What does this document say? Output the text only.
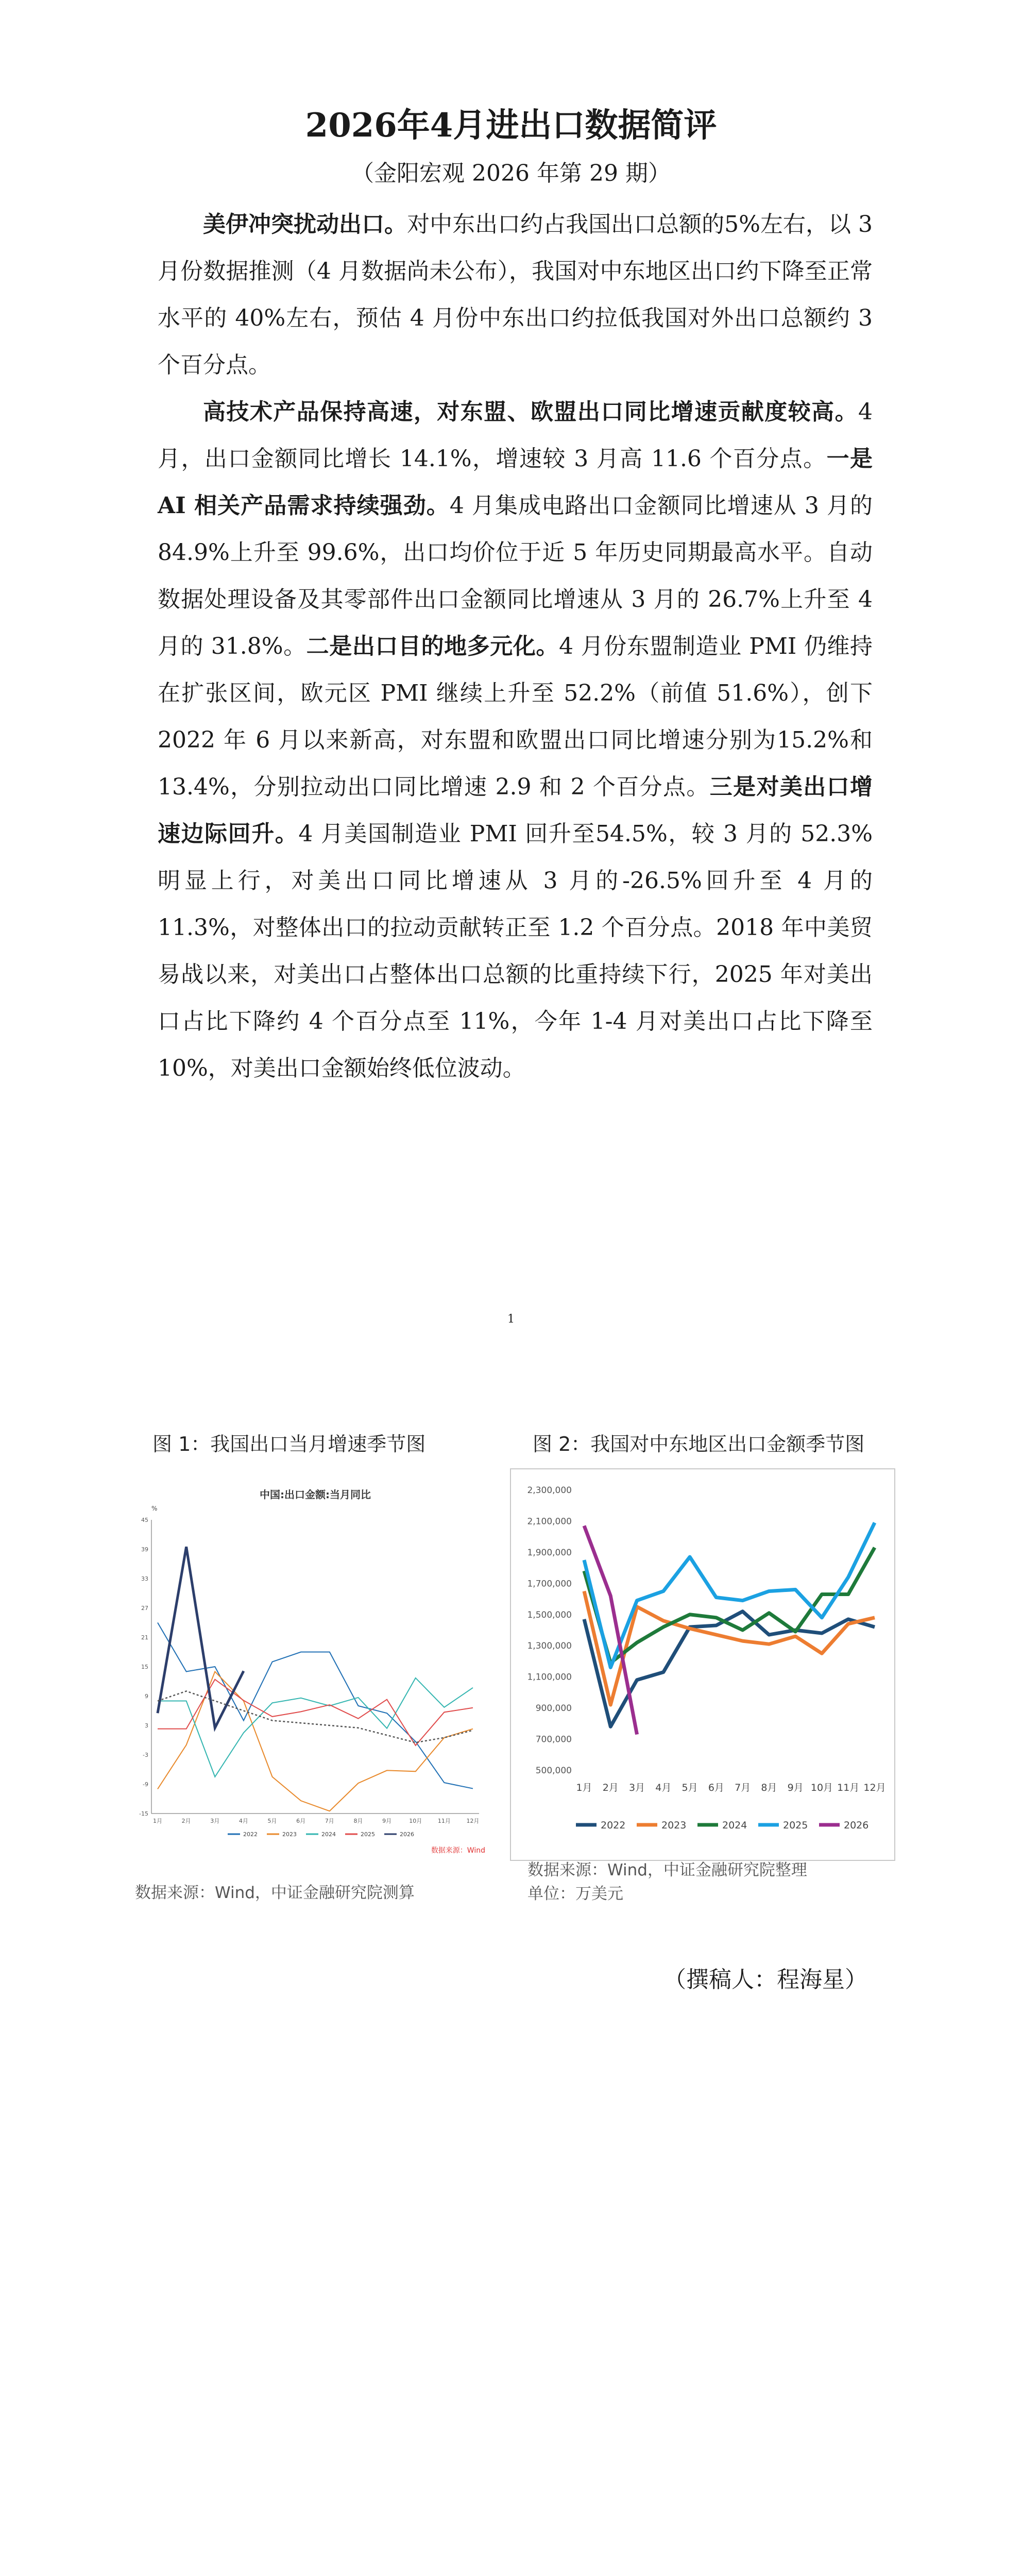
2026年4月进出口数据简评
（金阳宏观 2026 年第 29 期）

美伊冲突扰动出口。对中东出口约占我国出口总额的5%左右，以 3 月份数据推测（4 月数据尚未公布），我国对中东地区出口约下降至正常水平的 40%左右，预估 4 月份中东出口约拉低我国对外出口总额约 3 个百分点。

高技术产品保持高速，对东盟、欧盟出口同比增速贡献度较高。4 月，出口金额同比增长 14.1%，增速较 3 月高 11.6 个百分点。一是 AI 相关产品需求持续强劲。4 月集成电路出口金额同比增速从 3 月的 84.9%上升至 99.6%，出口均价位于近 5 年历史同期最高水平。自动数据处理设备及其零部件出口金额同比增速从 3 月的 26.7%上升至 4 月的 31.8%。二是出口目的地多元化。4 月份东盟制造业 PMI 仍维持在扩张区间，欧元区 PMI 继续上升至 52.2%（前值 51.6%），创下 2022 年 6 月以来新高，对东盟和欧盟出口同比增速分别为15.2%和 13.4%，分别拉动出口同比增速 2.9 和 2 个百分点。三是对美出口增速边际回升。4 月美国制造业 PMI 回升至54.5%，较 3 月的 52.3%明显上行，对美出口同比增速从 3 月的-26.5%回升至 4 月的 11.3%，对整体出口的拉动贡献转正至 1.2 个百分点。2018 年中美贸易战以来，对美出口占整体出口总额的比重持续下行，2025 年对美出口占比下降约 4 个百分点至 11%，今年 1-4 月对美出口占比下降至 10%，对美出口金额始终低位波动。

1
图 1：我国出口当月增速季节图	图 2：我国对中东地区出口金额季节图
中国:出口金额:当月同比
%
-15
-9
-3
3
9
15
21
27
33
39
45
1月	2月	3月	4月	5月	6月	7月	8月	9月	10月	11月	12月
2022	2023	2024	2025	2026
数据来源：Wind
500,000
700,000
900,000
1,100,000
1,300,000
1,500,000
1,700,000
1,900,000
2,100,000
2,300,000
1月 2月 3月 4月 5月 6月 7月 8月 9月 10月 11月 12月
2022	2023	2024	2025	2026
数据来源：Wind，中证金融研究院测算
数据来源：Wind，中证金融研究院整理
单位：万美元
（撰稿人：程海星）
